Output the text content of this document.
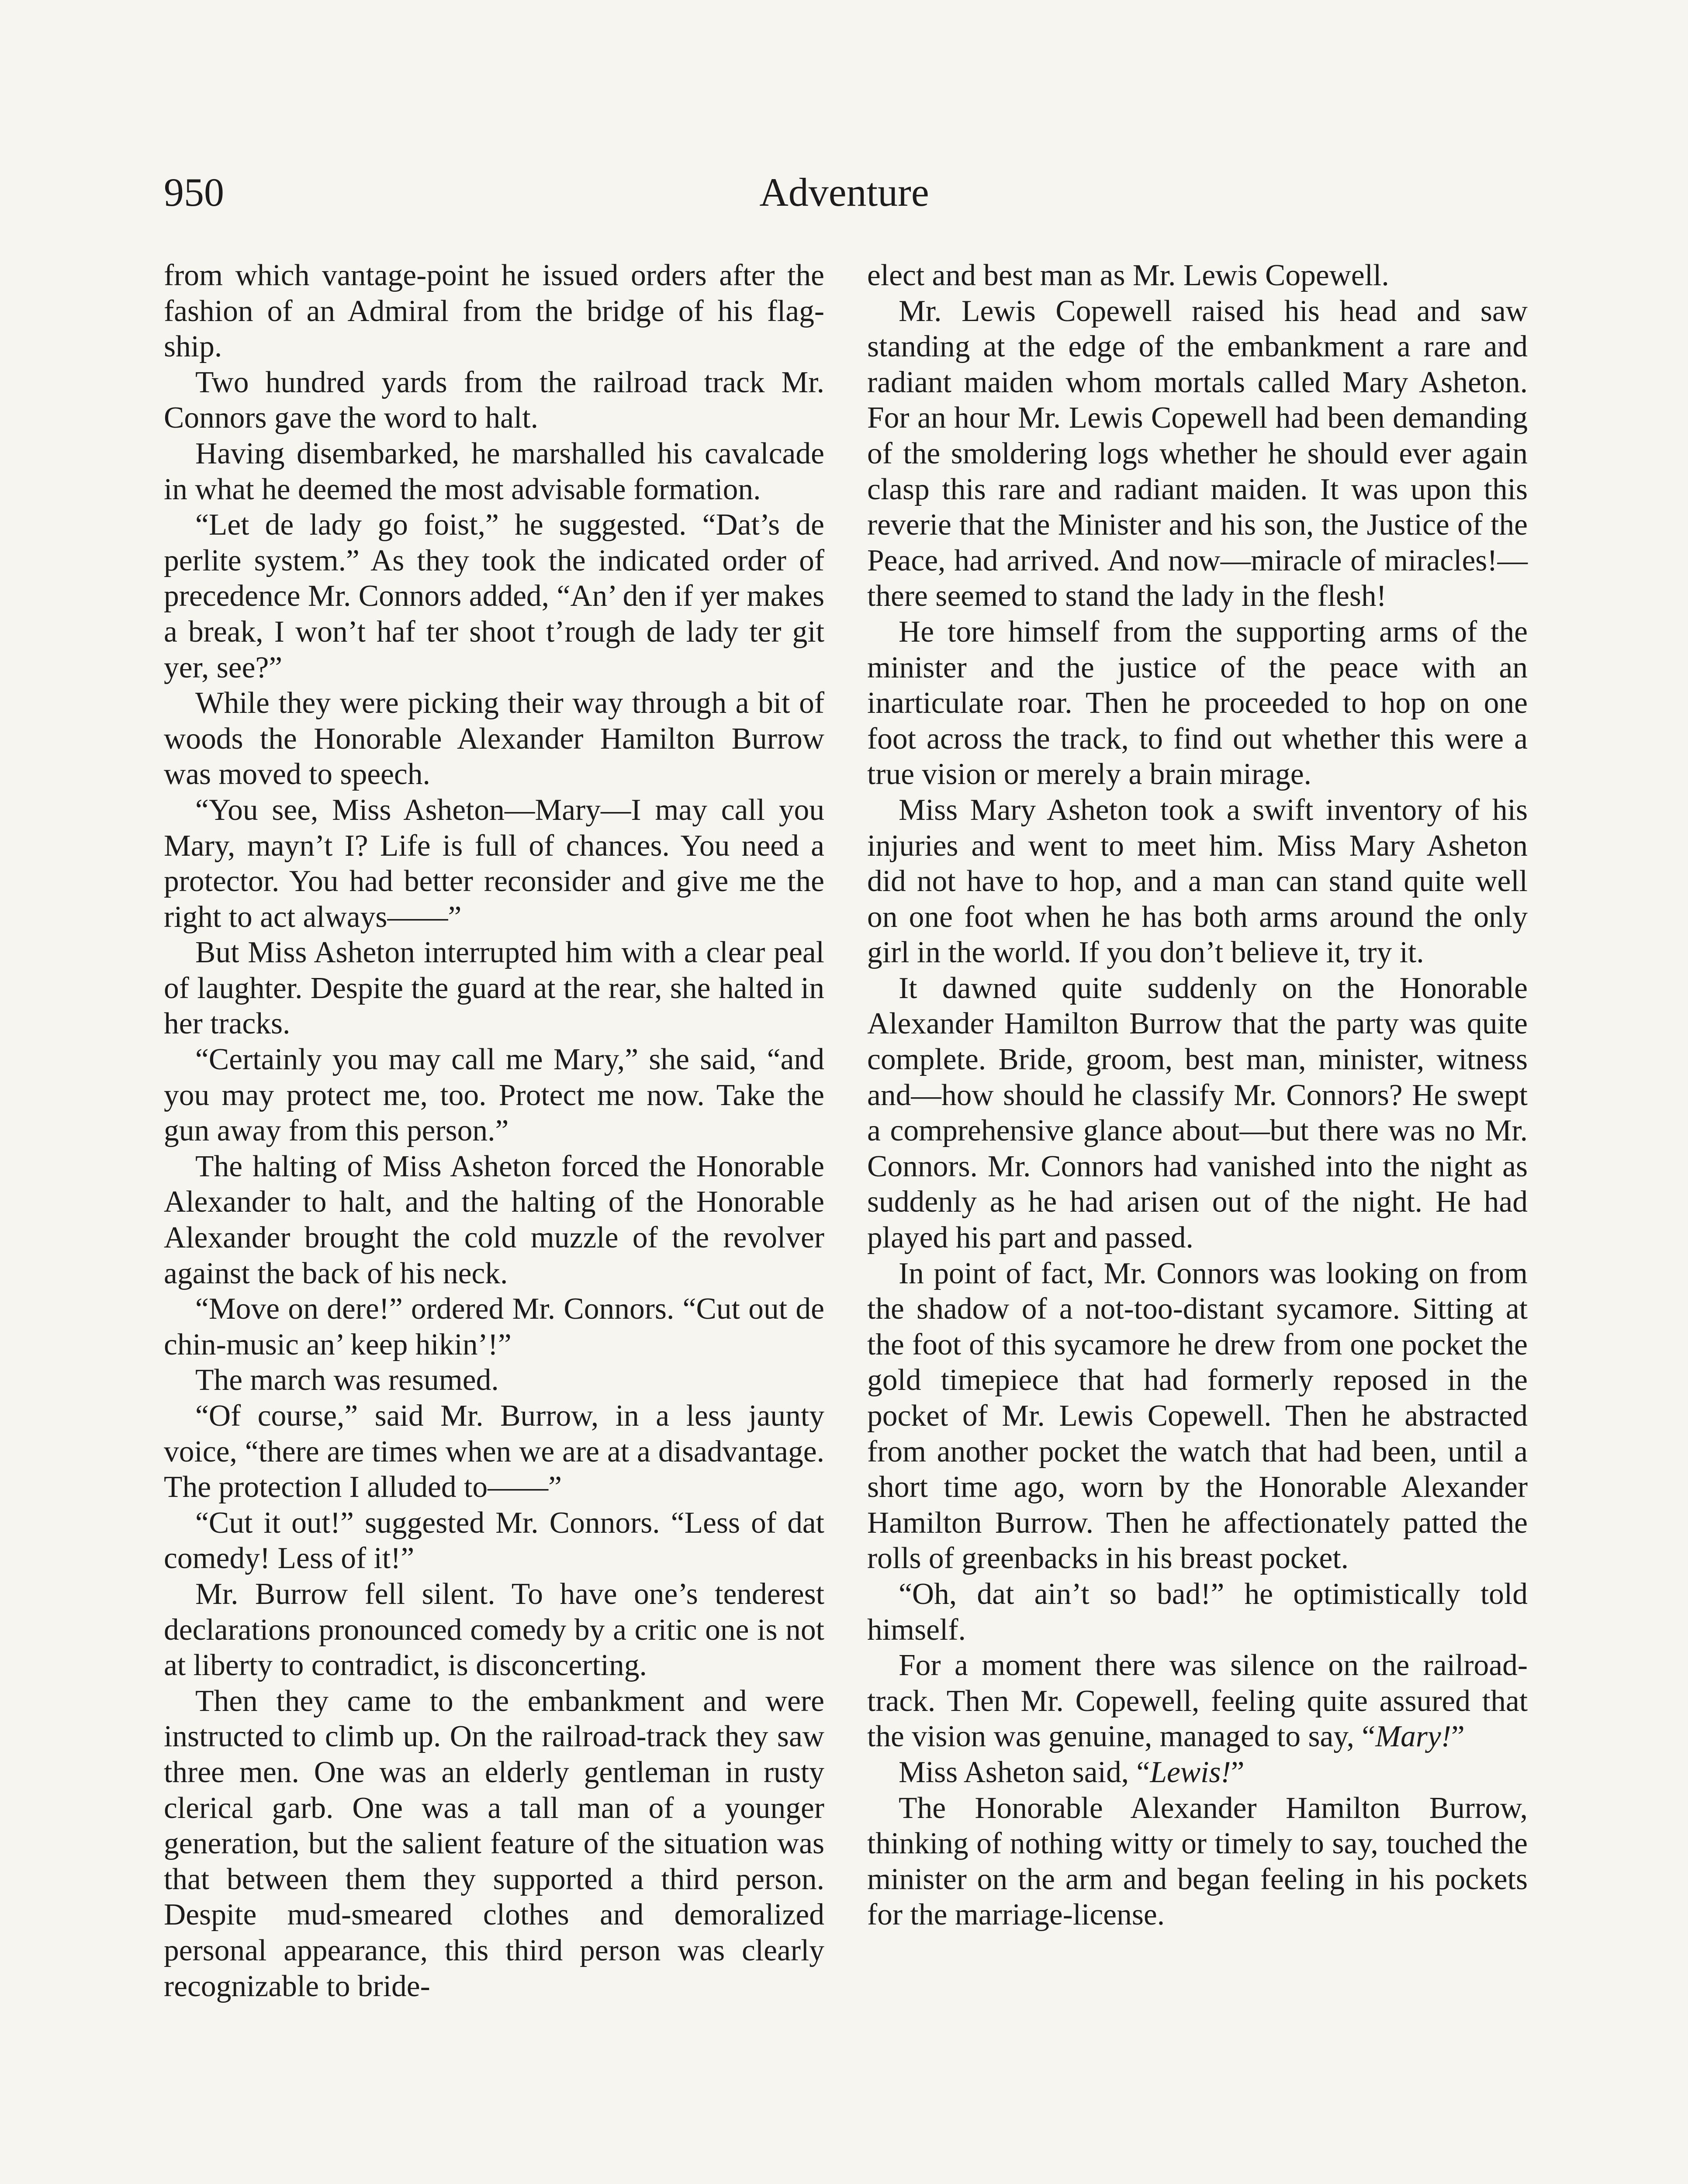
950	Adventure

from which vantage-point he issued orders after the fashion of an Admiral from the bridge of his flag-ship.

Two hundred yards from the railroad track Mr. Connors gave the word to halt.

Having disembarked, he marshalled his cavalcade in what he deemed the most advisable formation.

“Let de lady go foist,” he suggested. “Dat’s de perlite system.” As they took the indicated order of precedence Mr. Connors added, “An’ den if yer makes a break, I won’t haf ter shoot t’rough de lady ter git yer, see?”

While they were picking their way through a bit of woods the Honorable Alexander Hamilton Burrow was moved to speech.

“You see, Miss Asheton—Mary—I may call you Mary, mayn’t I? Life is full of chances. You need a protector. You had better reconsider and give me the right to act always——”

But Miss Asheton interrupted him with a clear peal of laughter. Despite the guard at the rear, she halted in her tracks.

“Certainly you may call me Mary,” she said, “and you may protect me, too. Protect me now. Take the gun away from this person.”

The halting of Miss Asheton forced the Honorable Alexander to halt, and the halting of the Honorable Alexander brought the cold muzzle of the revolver against the back of his neck.

“Move on dere!” ordered Mr. Connors. “Cut out de chin-music an’ keep hikin’!”

The march was resumed.

“Of course,” said Mr. Burrow, in a less jaunty voice, “there are times when we are at a disadvantage. The protection I alluded to——”

“Cut it out!” suggested Mr. Connors. “Less of dat comedy! Less of it!”

Mr. Burrow fell silent. To have one’s tenderest declarations pronounced comedy by a critic one is not at liberty to contradict, is disconcerting.

Then they came to the embankment and were instructed to climb up. On the railroad-track they saw three men. One was an elderly gentleman in rusty clerical garb. One was a tall man of a younger generation, but the salient feature of the situation was that between them they supported a third person. Despite mud-smeared clothes and demoralized personal appearance, this third person was clearly recognizable to bride-

elect and best man as Mr. Lewis Copewell.

Mr. Lewis Copewell raised his head and saw standing at the edge of the embankment a rare and radiant maiden whom mortals called Mary Asheton. For an hour Mr. Lewis Copewell had been demanding of the smoldering logs whether he should ever again clasp this rare and radiant maiden. It was upon this reverie that the Minister and his son, the Justice of the Peace, had arrived. And now—miracle of miracles!—there seemed to stand the lady in the flesh!

He tore himself from the supporting arms of the minister and the justice of the peace with an inarticulate roar. Then he proceeded to hop on one foot across the track, to find out whether this were a true vision or merely a brain mirage.

Miss Mary Asheton took a swift inventory of his injuries and went to meet him. Miss Mary Asheton did not have to hop, and a man can stand quite well on one foot when he has both arms around the only girl in the world. If you don’t believe it, try it.

It dawned quite suddenly on the Honorable Alexander Hamilton Burrow that the party was quite complete. Bride, groom, best man, minister, witness and—how should he classify Mr. Connors? He swept a comprehensive glance about—but there was no Mr. Connors. Mr. Connors had vanished into the night as suddenly as he had arisen out of the night. He had played his part and passed.

In point of fact, Mr. Connors was looking on from the shadow of a not-too-distant sycamore. Sitting at the foot of this sycamore he drew from one pocket the gold timepiece that had formerly reposed in the pocket of Mr. Lewis Copewell. Then he abstracted from another pocket the watch that had been, until a short time ago, worn by the Honorable Alexander Hamilton Burrow. Then he affectionately patted the rolls of greenbacks in his breast pocket.

“Oh, dat ain’t so bad!” he optimistically told himself.

For a moment there was silence on the railroad-track. Then Mr. Copewell, feeling quite assured that the vision was genuine, managed to say, “Mary!”

Miss Asheton said, “Lewis!”

The Honorable Alexander Hamilton Burrow, thinking of nothing witty or timely to say, touched the minister on the arm and began feeling in his pockets for the marriage-license.
